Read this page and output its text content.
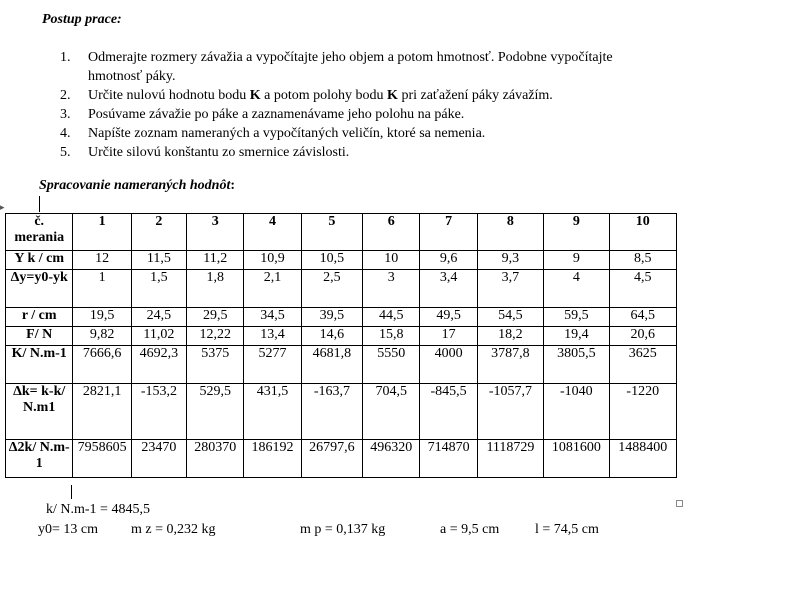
Postup prace:
1. Odmerajte rozmery závažia a vypočítajte jeho objem a potom hmotnosť. Podobne vypočítajte hmotnosť páky.
2. Určite nulovú hodnotu bodu K a potom polohy bodu K pri zaťažení páky závažím.
3. Posúvame závažie po páke a zaznamenávame jeho polohu na páke.
4. Napíšte zoznam nameraných a vypočítaných veličín, ktoré sa nemenia.
5. Určite silovú konštantu zo smernice závislosti.
Spracovanie nameraných hodnôt:
▸
č. merania	1	2	3	4	5	6	7	8	9	10
Y k / cm	12	11,5	11,2	10,9	10,5	10	9,6	9,3	9	8,5
Δy=y0-yk	1	1,5	1,8	2,1	2,5	3	3,4	3,7	4	4,5
r / cm	19,5	24,5	29,5	34,5	39,5	44,5	49,5	54,5	59,5	64,5
F/ N	9,82	11,02	12,22	13,4	14,6	15,8	17	18,2	19,4	20,6
K/ N.m-1	7666,6	4692,3	5375	5277	4681,8	5550	4000	3787,8	3805,5	3625
Δk= k-k/ N.m1	2821,1	-153,2	529,5	431,5	-163,7	704,5	-845,5	-1057,7	-1040	-1220
Δ2k/ N.m-1	7958605	23470	280370	186192	26797,6	496320	714870	1118729	1081600	1488400
k/ N.m-1 = 4845,5
y0= 13 cm m z = 0,232 kg	m p = 0,137 kg	a = 9,5 cm	l = 74,5 cm
